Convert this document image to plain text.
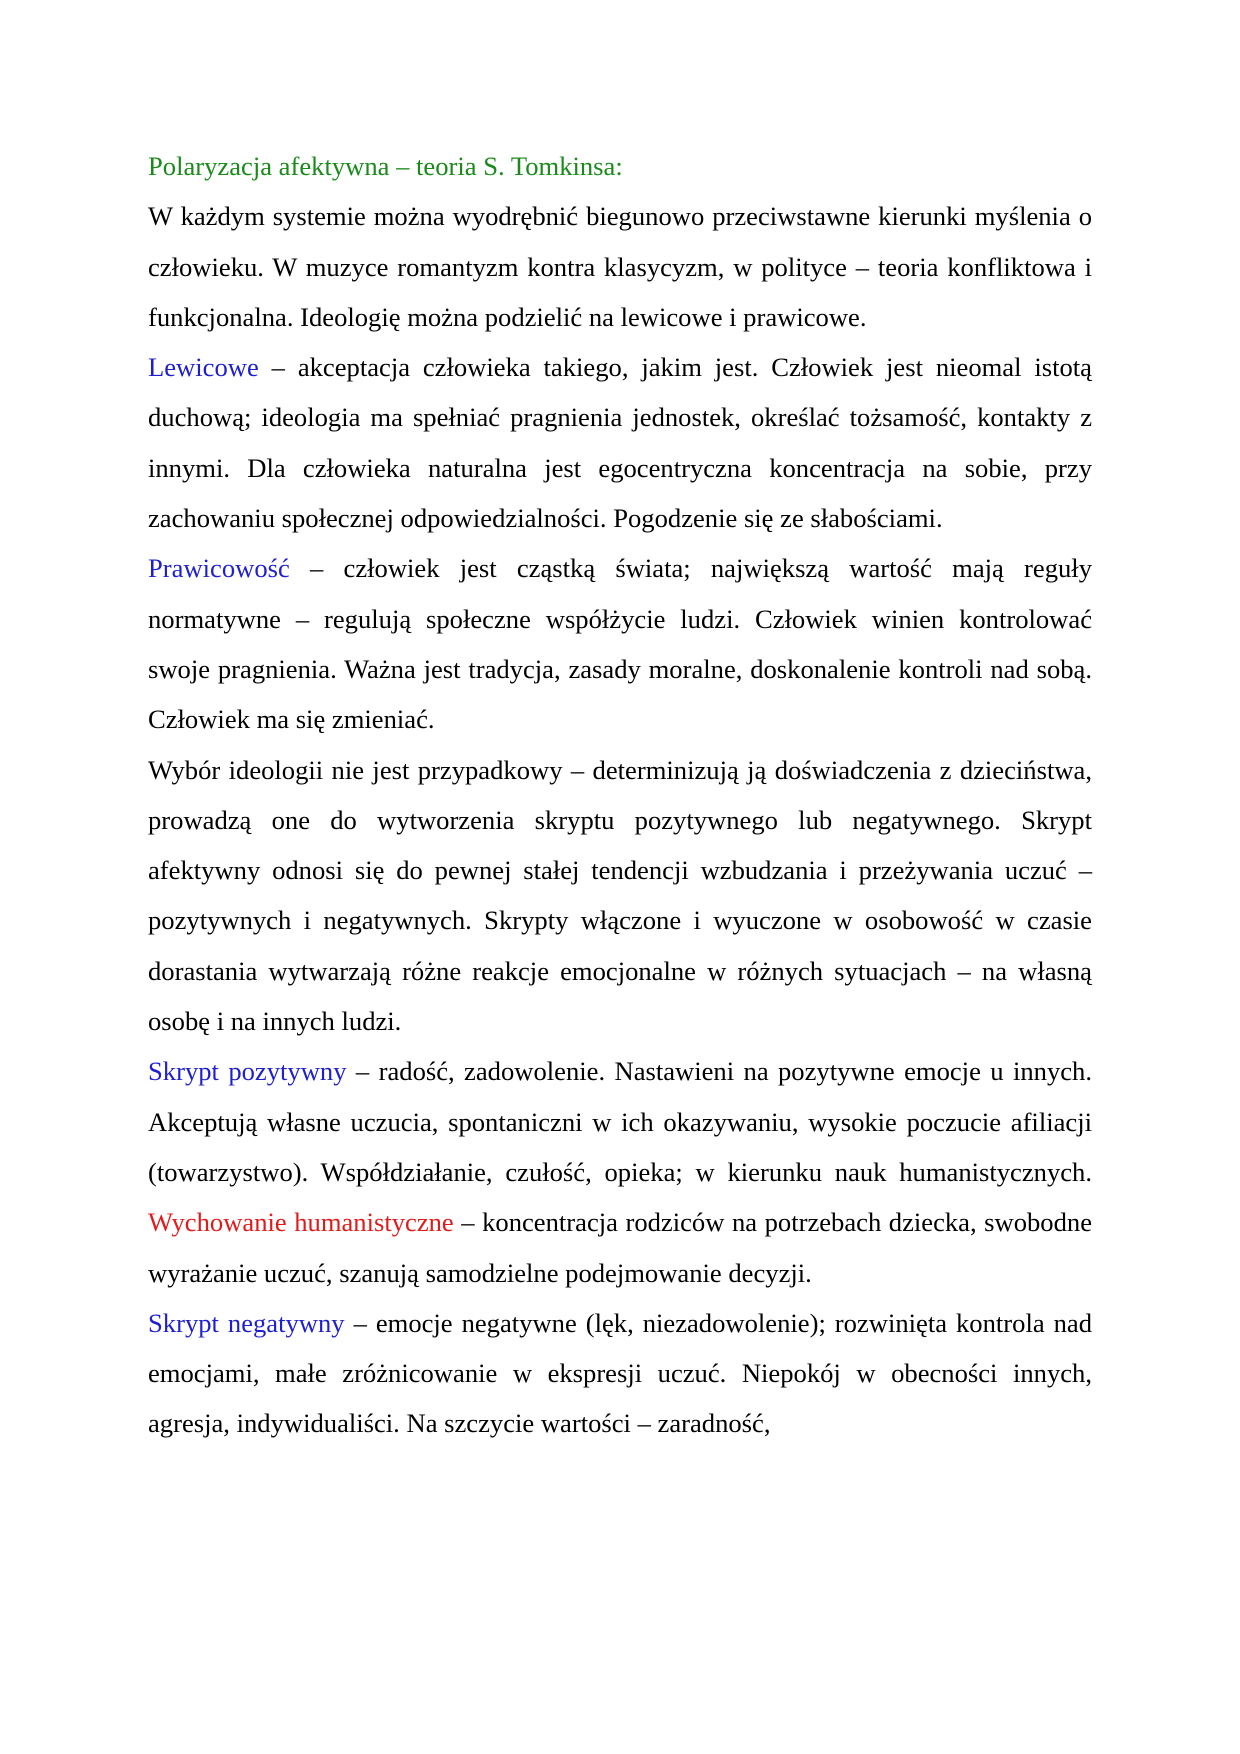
Polaryzacja afektywna – teoria S. Tomkinsa:

W każdym systemie można wyodrębnić biegunowo przeciwstawne kierunki myślenia o człowieku. W muzyce romantyzm kontra klasycyzm, w polityce – teoria konfliktowa i funkcjonalna. Ideologię można podzielić na lewicowe i prawicowe.

Lewicowe – akceptacja człowieka takiego, jakim jest. Człowiek jest nieomal istotą duchową; ideologia ma spełniać pragnienia jednostek, określać tożsamość, kontakty z innymi. Dla człowieka naturalna jest egocentryczna koncentracja na sobie, przy zachowaniu społecznej odpowiedzialności. Pogodzenie się ze słabościami.

Prawicowość – człowiek jest cząstką świata; największą wartość mają reguły normatywne – regulują społeczne współżycie ludzi. Człowiek winien kontrolować swoje pragnienia. Ważna jest tradycja, zasady moralne, doskonalenie kontroli nad sobą. Człowiek ma się zmieniać.

Wybór ideologii nie jest przypadkowy – determinizują ją doświadczenia z dzieciństwa, prowadzą one do wytworzenia skryptu pozytywnego lub negatywnego. Skrypt afektywny odnosi się do pewnej stałej tendencji wzbudzania i przeżywania uczuć – pozytywnych i negatywnych. Skrypty włączone i wyuczone w osobowość w czasie dorastania wytwarzają różne reakcje emocjonalne w różnych sytuacjach – na własną osobę i na innych ludzi.

Skrypt pozytywny – radość, zadowolenie. Nastawieni na pozytywne emocje u innych. Akceptują własne uczucia, spontaniczni w ich okazywaniu, wysokie poczucie afiliacji (towarzystwo). Współdziałanie, czułość, opieka; w kierunku nauk humanistycznych. Wychowanie humanistyczne – koncentracja rodziców na potrzebach dziecka, swobodne wyrażanie uczuć, szanują samodzielne podejmowanie decyzji.

Skrypt negatywny – emocje negatywne (lęk, niezadowolenie); rozwinięta kontrola nad emocjami, małe zróżnicowanie w ekspresji uczuć. Niepokój w obecności innych, agresja, indywidualiści. Na szczycie wartości – zaradność,
